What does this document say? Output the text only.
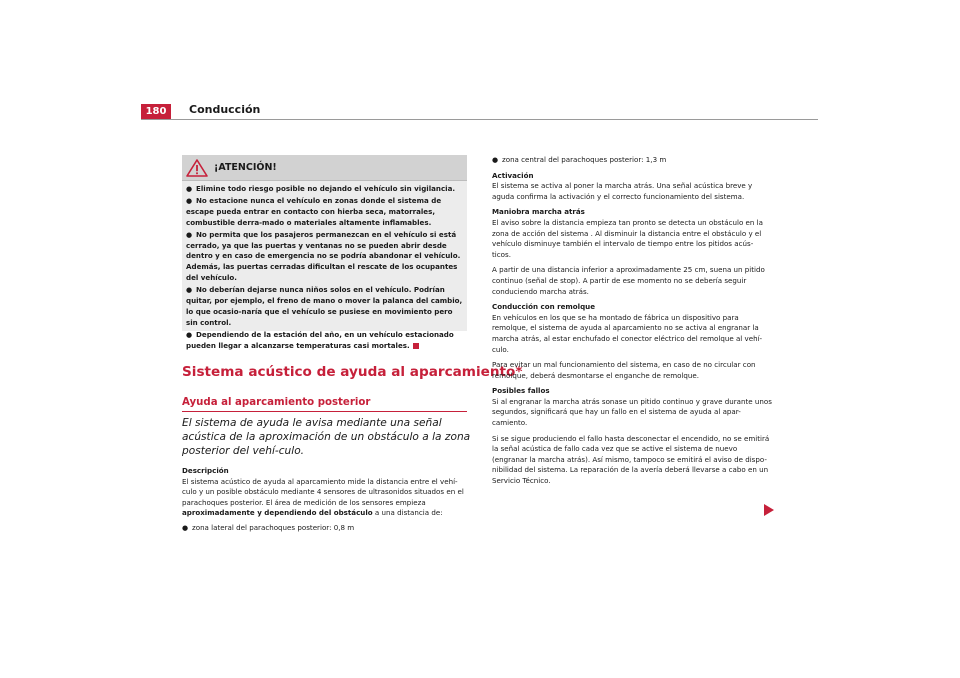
180	Conducción
¡ATENCIÓN!
● Elimine todo riesgo posible no dejando el vehículo sin vigilancia.
● No estacione nunca el vehículo en zonas donde el sistema de escape pueda entrar en contacto con hierba seca, matorrales, combustible derra-mado o materiales altamente inflamables.
● No permita que los pasajeros permanezcan en el vehículo si está cerrado, ya que las puertas y ventanas no se pueden abrir desde dentro y en caso de emergencia no se podría abandonar el vehículo. Además, las puertas cerradas dificultan el rescate de los ocupantes del vehículo.
● No deberían dejarse nunca niños solos en el vehículo. Podrían quitar, por ejemplo, el freno de mano o mover la palanca del cambio, lo que ocasio-naría que el vehículo se pusiese en movimiento pero sin control.
● Dependiendo de la estación del año, en un vehículo estacionado pueden llegar a alcanzarse temperaturas casi mortales.
Sistema acústico de ayuda al aparcamiento*
Ayuda al aparcamiento posterior
El sistema de ayuda le avisa mediante una señal acústica de la aproximación de un obstáculo a la zona posterior del vehí-culo.
Descripción

El sistema acústico de ayuda al aparcamiento mide la distancia entre el vehí-culo y un posible obstáculo mediante 4 sensores de ultrasonidos situados en el parachoques posterior. El área de medición de los sensores empieza
aproximadamente y dependiendo del obstáculo a una distancia de:

● zona lateral del parachoques posterior: 0,8 m
● zona central del parachoques posterior: 1,3 m
Activación

El sistema se activa al poner la marcha atrás. Una señal acústica breve y aguda confirma la activación y el correcto funcionamiento del sistema.

Maniobra marcha atrás

El aviso sobre la distancia empieza tan pronto se detecta un obstáculo en la zona de acción del sistema . Al disminuir la distancia entre el obstáculo y el vehículo disminuye también el intervalo de tiempo entre los pitidos acús-ticos.

A partir de una distancia inferior a aproximadamente 25 cm, suena un pitido continuo (señal de stop). A partir de ese momento no se debería seguir conduciendo marcha atrás.

Conducción con remolque

En vehículos en los que se ha montado de fábrica un dispositivo para remolque, el sistema de ayuda al aparcamiento no se activa al engranar la marcha atrás, al estar enchufado el conector eléctrico del remolque al vehí-culo.

Para evitar un mal funcionamiento del sistema, en caso de no circular con remolque, deberá desmontarse el enganche de remolque.

Posibles fallos

Si al engranar la marcha atrás sonase un pitido continuo y grave durante unos segundos, significará que hay un fallo en el sistema de ayuda al apar-camiento.

Si se sigue produciendo el fallo hasta desconectar el encendido, no se emitirá la señal acústica de fallo cada vez que se active el sistema de nuevo (engranar la marcha atrás). Así mismo, tampoco se emitirá el aviso de dispo-nibilidad del sistema. La reparación de la avería deberá llevarse a cabo en un Servicio Técnico.
